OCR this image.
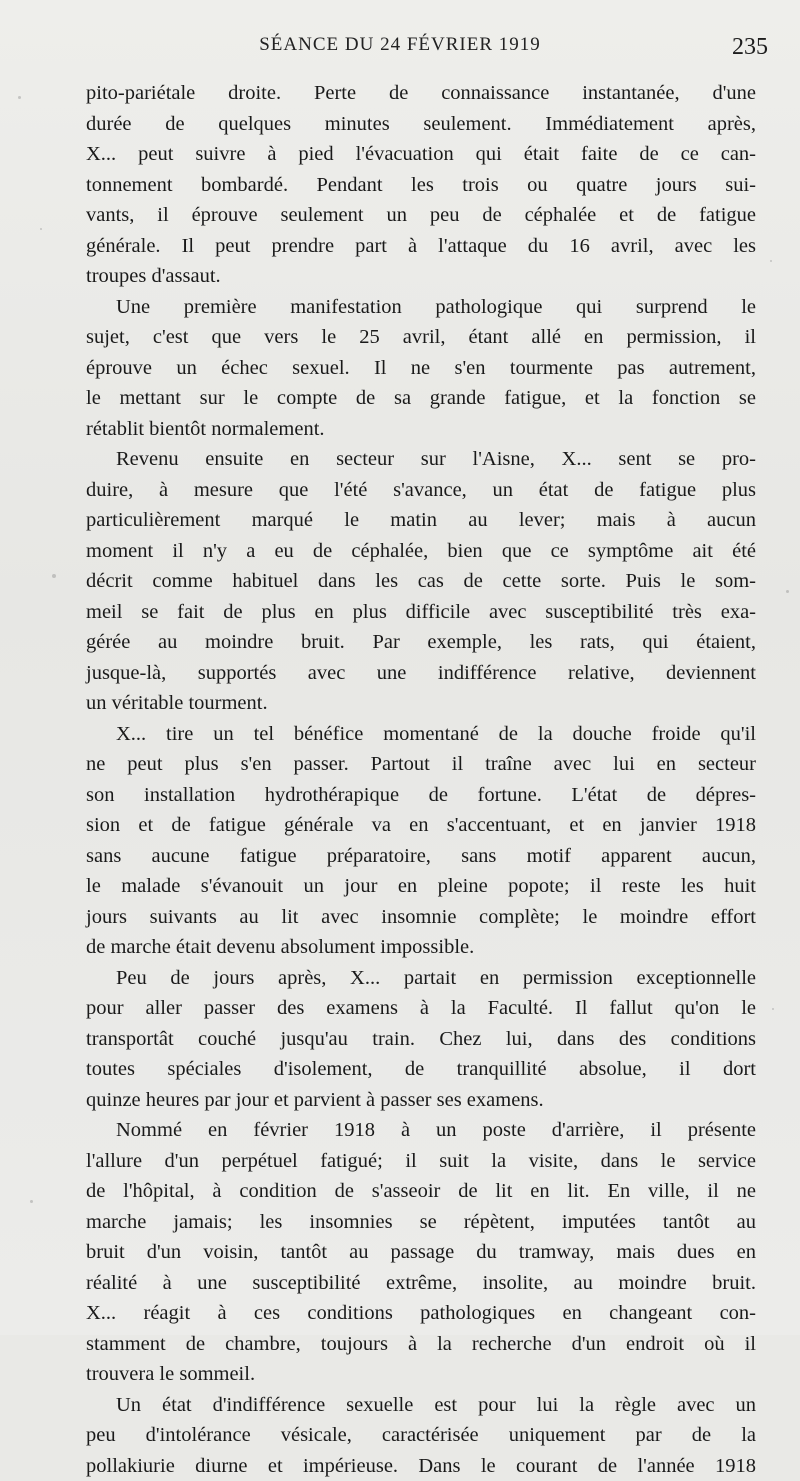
SÉANCE DU 24 FÉVRIER 1919	235
pito-pariétale droite. Perte de connaissance instantanée, d'une
durée de quelques minutes seulement. Immédiatement après,
X... peut suivre à pied l'évacuation qui était faite de ce can-
tonnement bombardé. Pendant les trois ou quatre jours sui-
vants, il éprouve seulement un peu de céphalée et de fatigue
générale. Il peut prendre part à l'attaque du 16 avril, avec les
troupes d'assaut.
Une première manifestation pathologique qui surprend le
sujet, c'est que vers le 25 avril, étant allé en permission, il
éprouve un échec sexuel. Il ne s'en tourmente pas autrement,
le mettant sur le compte de sa grande fatigue, et la fonction se
rétablit bientôt normalement.
Revenu ensuite en secteur sur l'Aisne, X... sent se pro-
duire, à mesure que l'été s'avance, un état de fatigue plus
particulièrement marqué le matin au lever; mais à aucun
moment il n'y a eu de céphalée, bien que ce symptôme ait été
décrit comme habituel dans les cas de cette sorte. Puis le som-
meil se fait de plus en plus difficile avec susceptibilité très exa-
gérée au moindre bruit. Par exemple, les rats, qui étaient,
jusque-là, supportés avec une indifférence relative, deviennent
un véritable tourment.
X... tire un tel bénéfice momentané de la douche froide qu'il
ne peut plus s'en passer. Partout il traîne avec lui en secteur
son installation hydrothérapique de fortune. L'état de dépres-
sion et de fatigue générale va en s'accentuant, et en janvier 1918
sans aucune fatigue préparatoire, sans motif apparent aucun,
le malade s'évanouit un jour en pleine popote; il reste les huit
jours suivants au lit avec insomnie complète; le moindre effort
de marche était devenu absolument impossible.
Peu de jours après, X... partait en permission exceptionnelle
pour aller passer des examens à la Faculté. Il fallut qu'on le
transportât couché jusqu'au train. Chez lui, dans des conditions
toutes spéciales d'isolement, de tranquillité absolue, il dort
quinze heures par jour et parvient à passer ses examens.
Nommé en février 1918 à un poste d'arrière, il présente
l'allure d'un perpétuel fatigué; il suit la visite, dans le service
de l'hôpital, à condition de s'asseoir de lit en lit. En ville, il ne
marche jamais; les insomnies se répètent, imputées tantôt au
bruit d'un voisin, tantôt au passage du tramway, mais dues en
réalité à une susceptibilité extrême, insolite, au moindre bruit.
X... réagit à ces conditions pathologiques en changeant con-
stamment de chambre, toujours à la recherche d'un endroit où il
trouvera le sommeil.
Un état d'indifférence sexuelle est pour lui la règle avec un
peu d'intolérance vésicale, caractérisée uniquement par de la
pollakiurie diurne et impérieuse. Dans le courant de l'année 1918
